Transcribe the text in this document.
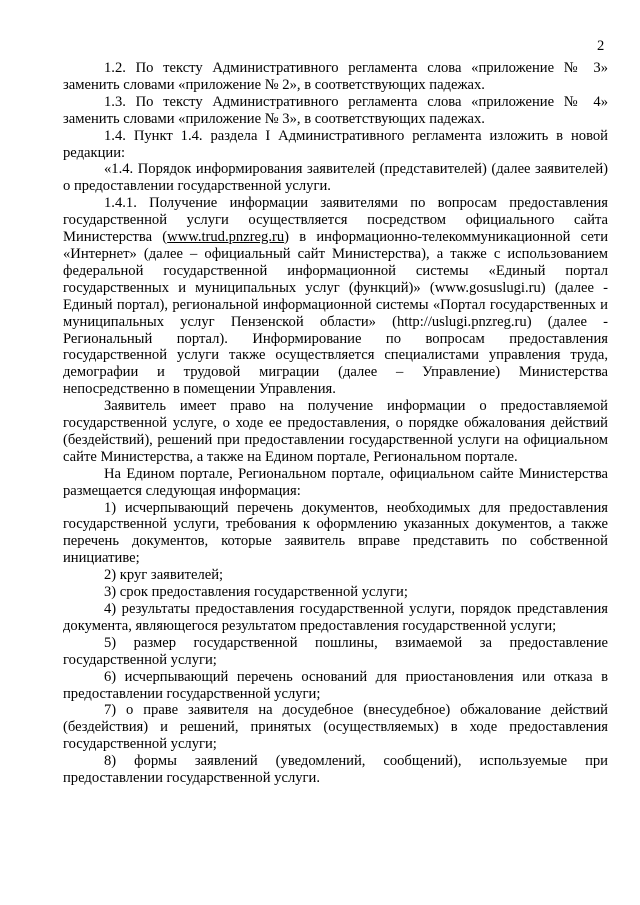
2

1.2. По тексту Административного регламента слова «приложение № 3» заменить словами «приложение № 2», в соответствующих падежах.

1.3. По тексту Административного регламента слова «приложение № 4» заменить словами «приложение № 3», в соответствующих падежах.

1.4. Пункт 1.4. раздела I Административного регламента изложить в новой редакции:

«1.4. Порядок информирования заявителей (представителей) (далее заявителей) о предоставлении государственной услуги.

1.4.1. Получение информации заявителями по вопросам предоставления государственной услуги осуществляется посредством официального сайта Министерства (www.trud.pnzreg.ru) в информационно-телекоммуникационной сети «Интернет» (далее – официальный сайт Министерства), а также с использованием федеральной государственной информационной системы «Единый портал государственных и муниципальных услуг (функций)» (www.gosuslugi.ru) (далее - Единый портал), региональной информационной системы «Портал государственных и муниципальных услуг Пензенской области» (http://uslugi.pnzreg.ru) (далее - Региональный портал). Информирование по вопросам предоставления государственной услуги также осуществляется специалистами управления труда, демографии и трудовой миграции (далее – Управление) Министерства непосредственно в помещении Управления.

Заявитель имеет право на получение информации о предоставляемой государственной услуге, о ходе ее предоставления, о порядке обжалования действий (бездействий), решений при предоставлении государственной услуги на официальном сайте Министерства, а также на Едином портале, Региональном портале.

На Едином портале, Региональном портале, официальном сайте Министерства размещается следующая информация:

1) исчерпывающий перечень документов, необходимых для предоставления государственной услуги, требования к оформлению указанных документов, а также перечень документов, которые заявитель вправе представить по собственной инициативе;

2) круг заявителей;

3) срок предоставления государственной услуги;

4) результаты предоставления государственной услуги, порядок представления документа, являющегося результатом предоставления государственной услуги;

5) размер государственной пошлины, взимаемой за предоставление государственной услуги;

6) исчерпывающий перечень оснований для приостановления или отказа в предоставлении государственной услуги;

7) о праве заявителя на досудебное (внесудебное) обжалование действий (бездействия) и решений, принятых (осуществляемых) в ходе предоставления государственной услуги;

8) формы заявлений (уведомлений, сообщений), используемые при предоставлении государственной услуги.
